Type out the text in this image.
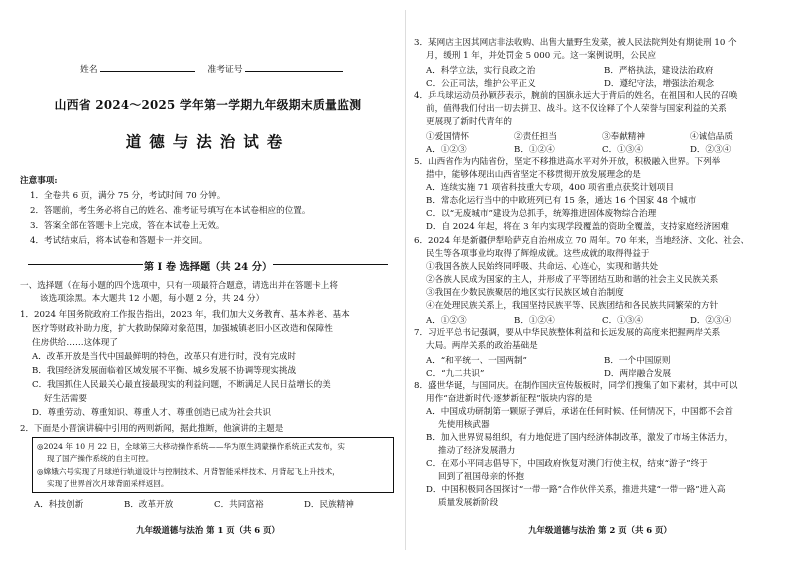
姓名	准考证号
山西省 2024～2025 学年第一学期九年级期末质量监测
道德与法治试卷
注意事项:
1．全卷共 6 页，满分 75 分，考试时间 70 分钟。
2．答题前，考生务必将自己的姓名、准考证号填写在本试卷相应的位置。
3．答案全部在答题卡上完成，答在本试卷上无效。
4．考试结束后，将本试卷和答题卡一并交回。
第 Ⅰ 卷 选择题（共 24 分）
一、选择题（在每小题的四个选项中，只有一项最符合题意，请选出并在答题卡上将
该选项涂黑。本大题共 12 小题，每小题 2 分，共 24 分）
1．2024 年国务院政府工作报告指出，2023 年，我们加大义务教育、基本养老、基本
医疗等财政补助力度，扩大救助保障对象范围，加强城镇老旧小区改造和保障性
住房供给……这体现了
A．改革开放是当代中国最鲜明的特色，改革只有进行时，没有完成时
B．我国经济发展面临着区域发展不平衡、城乡发展不协调等现实挑战
C．我国抓住人民最关心最直接最现实的利益问题，不断满足人民日益增长的美
好生活需要
D．尊重劳动、尊重知识、尊重人才、尊重创造已成为社会共识
2．下面是小晋演讲稿中引用的两则新闻，据此推断，他演讲的主题是
◎2024 年 10 月 22 日，全球第三大移动操作系统——华为原生鸿蒙操作系统正式发布，实
现了国产操作系统的自主可控。
◎嫦娥六号实现了月球逆行轨道设计与控制技术、月背智能采样技术、月背起飞上升技术，
实现了世界首次月球背面采样返回。
A．科技创新	B．改革开放	C．共同富裕	D．民族精神
九年级道德与法治 第 1 页（共 6 页）
3．某网店主因其网店非法收购、出售大量野生发菜，被人民法院判处有期徒刑 10 个
月，缓刑 1 年，并处罚金 5 000 元。这一案例说明，公民应
A．科学立法，实行良政之治	B．严格执法，建设法治政府
C．公正司法，维护公平正义	D．遵纪守法，增强法治观念
4．乒乓球运动员孙颖莎表示，腕前的国旗永远大于背后的姓名，在祖国和人民的召唤
前，值得我们付出一切去拼卫、战斗。这不仅诠释了个人荣誉与国家利益的关系
更展现了新时代青年的
①爱国情怀	②责任担当	③奉献精神	④诚信品质
A．①②③	B．①②④	C．①③④	D．②③④
5．山西省作为内陆省份，坚定不移推进高水平对外开放，积极融入世界。下列举
措中，能够体现出山西省坚定不移贯彻开放发展理念的是
A．连续实施 71 项省科技重大专项，400 项省重点获奖计划项目
B．常态化运行当中的中欧班列已有 15 条，通达 16 个国家 48 个城市
C．以“无废城市”建设为总抓手，统筹推进固体废物综合治理
D．自 2024 年起，将在 3 年内实现学段覆盖的资助全覆盖，支持家庭经济困难
6．2024 年是新疆伊犁哈萨克自治州成立 70 周年。70 年来，当地经济、文化、社会、
民生等各项事业均取得了辉煌成就。这些成就的取得得益于
①我国各族人民始终同呼吸、共命运、心连心，实现和谐共处
②各族人民成为国家的主人，并形成了平等团结互助和谐的社会主义民族关系
③我国在少数民族聚居的地区实行民族区域自治制度
④在处理民族关系上，我国坚持民族平等、民族团结和各民族共同繁荣的方针
A．①②③	B．①②④	C．①③④	D．②③④
7．习近平总书记强调，要从中华民族整体利益和长远发展的高度来把握两岸关系
大局。两岸关系的政治基础是
A．“和平统一、一国两制”	B．一个中国原则
C．“九二共识”	D．两岸融合发展
8．盛世华诞，与国同庆。在制作国庆宣传版板时，同学们搜集了如下素材，其中可以
用作“奋进新时代·逐梦新征程”版块内容的是
A．中国成功研制第一颗原子弹后，承诺在任何时候、任何情况下，中国都不会首
先使用核武器
B．加入世界贸易组织，有力地促进了国内经济体制改革，激发了市场主体活力，
推动了经济发展潜力
C．在邓小平同志倡导下，中国政府恢复对澳门行使主权，结束“游子”终于
回到了祖国母亲的怀抱
D．中国积极同各国探讨“一带一路”合作伙伴关系，推进共建“一带一路”进入高
质量发展新阶段
九年级道德与法治 第 2 页（共 6 页）
